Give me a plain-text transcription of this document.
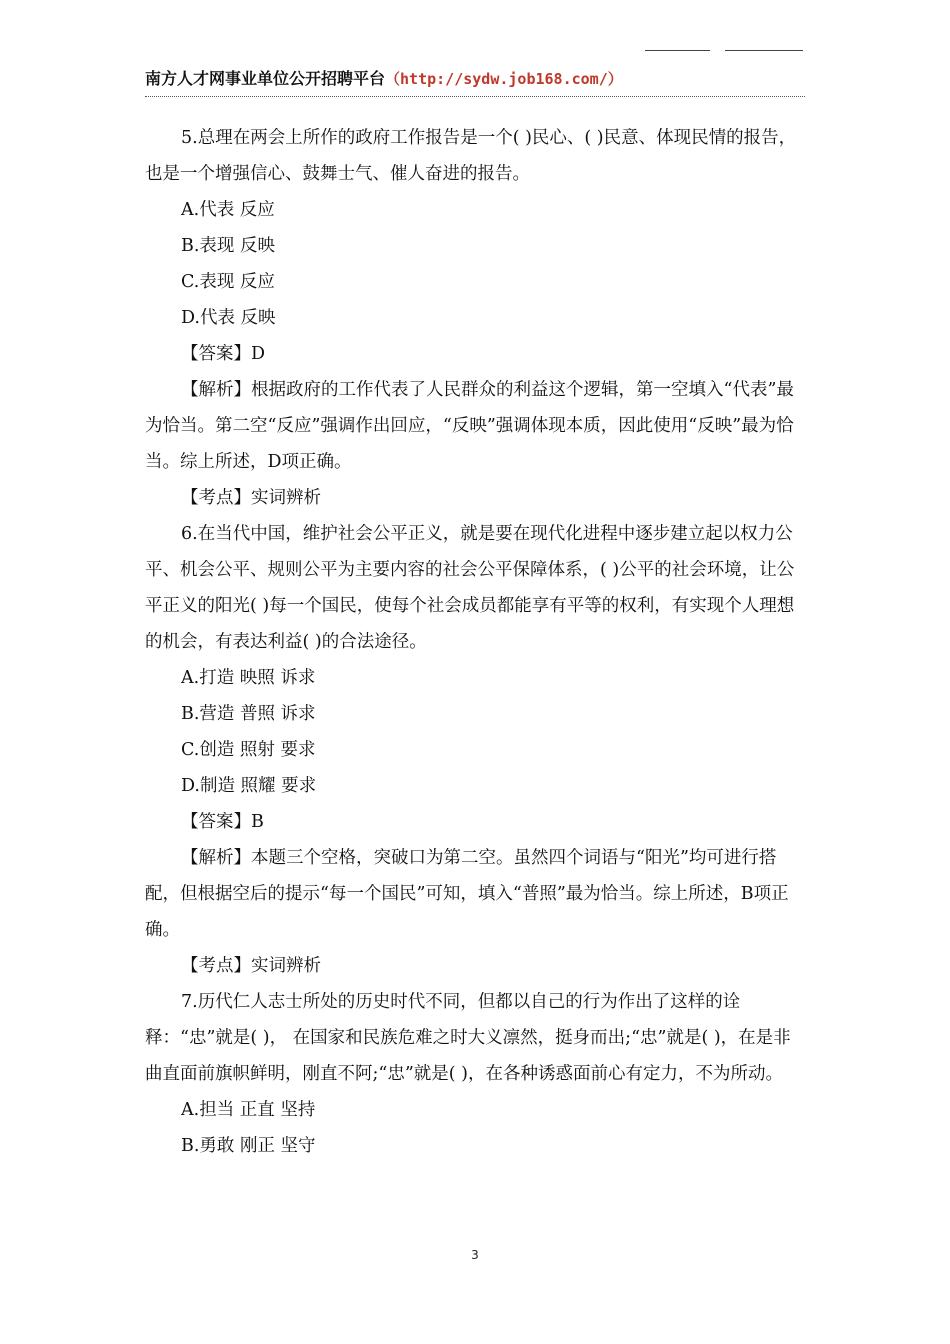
南方人才网事业单位公开招聘平台（http://sydw.job168.com/）

5.总理在两会上所作的政府工作报告是一个( )民心、( )民意、体现民情的报告，也是一个增强信心、鼓舞士气、催人奋进的报告。

A.代表 反应

B.表现 反映

C.表现 反应

D.代表 反映

【答案】D

【解析】根据政府的工作代表了人民群众的利益这个逻辑，第一空填入“代表”最为恰当。第二空“反应”强调作出回应，“反映”强调体现本质，因此使用“反映”最为恰当。综上所述，D项正确。

【考点】实词辨析

6.在当代中国，维护社会公平正义，就是要在现代化进程中逐步建立起以权力公平、机会公平、规则公平为主要内容的社会公平保障体系，( )公平的社会环境，让公平正义的阳光( )每一个国民，使每个社会成员都能享有平等的权利，有实现个人理想的机会，有表达利益( )的合法途径。

A.打造 映照 诉求

B.营造 普照 诉求

C.创造 照射 要求

D.制造 照耀 要求

【答案】B

【解析】本题三个空格，突破口为第二空。虽然四个词语与“阳光”均可进行搭配，但根据空后的提示“每一个国民”可知，填入“普照”最为恰当。综上所述，B项正确。

【考点】实词辨析

7.历代仁人志士所处的历史时代不同，但都以自己的行为作出了这样的诠释：“忠”就是( )， 在国家和民族危难之时大义凛然，挺身而出;“忠”就是( )，在是非曲直面前旗帜鲜明，刚直不阿;“忠”就是( )，在各种诱惑面前心有定力，不为所动。

A.担当 正直 坚持

B.勇敢 刚正 坚守

3
